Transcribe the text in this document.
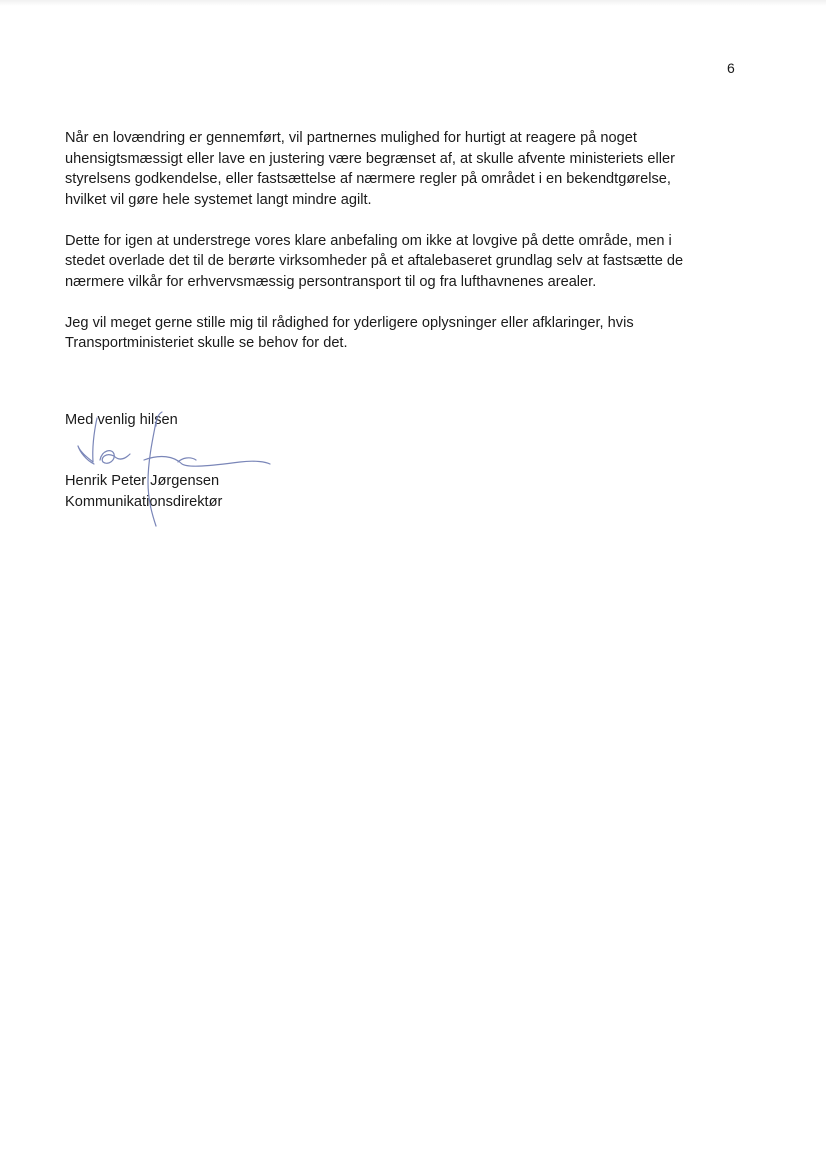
6

Når en lovændring er gennemført, vil partnernes mulighed for hurtigt at reagere på noget
uhensigtsmæssigt eller lave en justering være begrænset af, at skulle afvente ministeriets eller
styrelsens godkendelse, eller fastsættelse af nærmere regler på området i en bekendtgørelse,
hvilket vil gøre hele systemet langt mindre agilt.

Dette for igen at understrege vores klare anbefaling om ikke at lovgive på dette område, men i
stedet overlade det til de berørte virksomheder på et aftalebaseret grundlag selv at fastsætte de
nærmere vilkår for erhvervsmæssig persontransport til og fra lufthavnenes arealer.

Jeg vil meget gerne stille mig til rådighed for yderligere oplysninger eller afklaringer, hvis
Transportministeriet skulle se behov for det.

Med venlig hilsen
Henrik Peter Jørgensen
Kommunikationsdirektør
